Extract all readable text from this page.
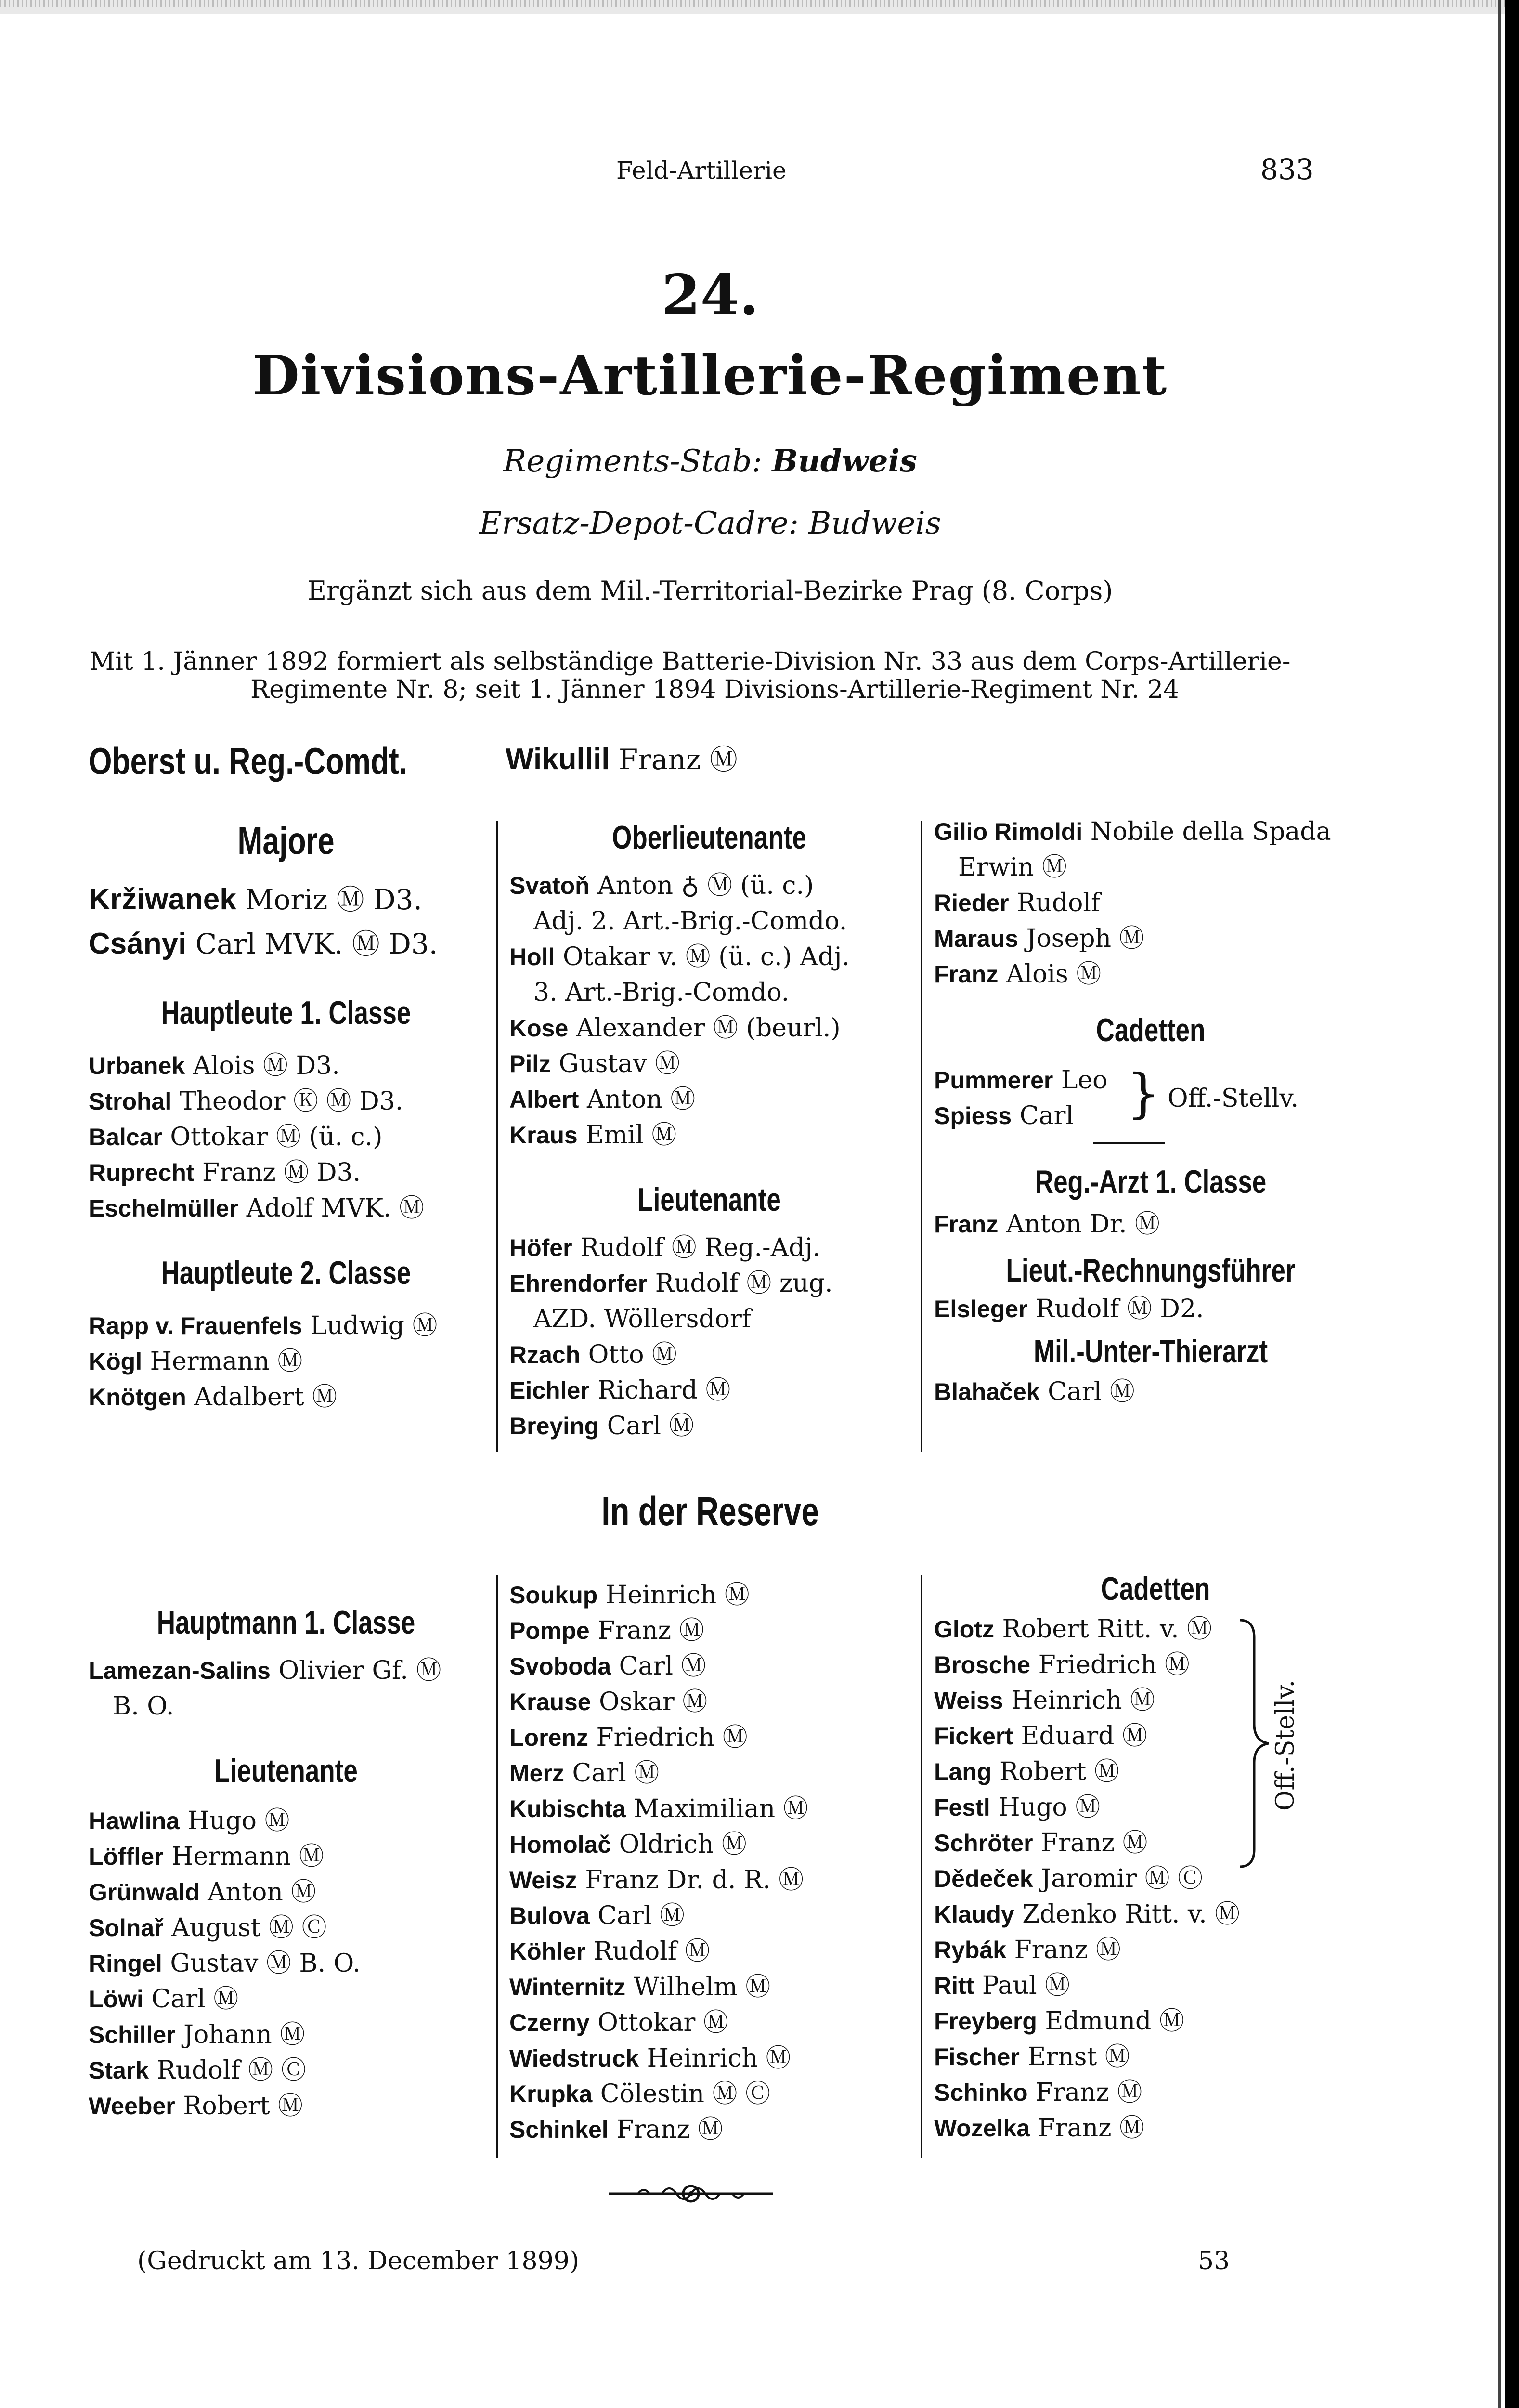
Feld-Artillerie	833
24.
Divisions-Artillerie-Regiment
Regiments-Stab: Budweis
Ersatz-Depot-Cadre: Budweis
Ergänzt sich aus dem Mil.-Territorial-Bezirke Prag (8. Corps)
Mit 1. Jänner 1892 formiert als selbständige Batterie-Division Nr. 33 aus dem Corps-Artillerie-
Regimente Nr. 8; seit 1. Jänner 1894 Divisions-Artillerie-Regiment Nr. 24
Oberst u. Reg.-Comdt.	Wikullil Franz Ⓜ
Majore
Kržiwanek Moriz Ⓜ D3.
Csányi Carl MVK. Ⓜ D3.
Hauptleute 1. Classe
Urbanek Alois Ⓜ D3.
Strohal Theodor Ⓚ Ⓜ D3.
Balcar Ottokar Ⓜ (ü. c.)
Ruprecht Franz Ⓜ D3.
Eschelmüller Adolf MVK. Ⓜ
Hauptleute 2. Classe
Rapp v. Frauenfels Ludwig Ⓜ
Kögl Hermann Ⓜ
Knötgen Adalbert Ⓜ
Oberlieutenante
Svatoň Anton ♁ Ⓜ (ü. c.)
Adj. 2. Art.-Brig.-Comdo.
Holl Otakar v. Ⓜ (ü. c.) Adj.
3. Art.-Brig.-Comdo.
Kose Alexander Ⓜ (beurl.)
Pilz Gustav Ⓜ
Albert Anton Ⓜ
Kraus Emil Ⓜ
Lieutenante
Höfer Rudolf Ⓜ Reg.-Adj.
Ehrendorfer Rudolf Ⓜ zug.
AZD. Wöllersdorf
Rzach Otto Ⓜ
Eichler Richard Ⓜ
Breying Carl Ⓜ
Gilio Rimoldi Nobile della Spada
Erwin Ⓜ
Rieder Rudolf
Maraus Joseph Ⓜ
Franz Alois Ⓜ
Cadetten
Pummerer Leo
Spiess Carl } Off.-Stellv.
Reg.-Arzt 1. Classe
Franz Anton Dr. Ⓜ
Lieut.-Rechnungsführer
Elsleger Rudolf Ⓜ D2.
Mil.-Unter-Thierarzt
Blahaček Carl Ⓜ
In der Reserve
Hauptmann 1. Classe
Lamezan-Salins Olivier Gf. Ⓜ
B. O.
Lieutenante
Hawlina Hugo Ⓜ
Löffler Hermann Ⓜ
Grünwald Anton Ⓜ
Solnař August Ⓜ Ⓒ
Ringel Gustav Ⓜ B. O.
Löwi Carl Ⓜ
Schiller Johann Ⓜ
Stark Rudolf Ⓜ Ⓒ
Weeber Robert Ⓜ
Soukup Heinrich Ⓜ
Pompe Franz Ⓜ
Svoboda Carl Ⓜ
Krause Oskar Ⓜ
Lorenz Friedrich Ⓜ
Merz Carl Ⓜ
Kubischta Maximilian Ⓜ
Homolač Oldrich Ⓜ
Weisz Franz Dr. d. R. Ⓜ
Bulova Carl Ⓜ
Köhler Rudolf Ⓜ
Winternitz Wilhelm Ⓜ
Czerny Ottokar Ⓜ
Wiedstruck Heinrich Ⓜ
Krupka Cölestin Ⓜ Ⓒ
Schinkel Franz Ⓜ
Cadetten
Glotz Robert Ritt. v. Ⓜ
Brosche Friedrich Ⓜ
Weiss Heinrich Ⓜ
Fickert Eduard Ⓜ
Lang Robert Ⓜ
Festl Hugo Ⓜ
Schröter Franz Ⓜ
Dědeček Jaromir Ⓜ Ⓒ
Klaudy Zdenko Ritt. v. Ⓜ
Rybák Franz Ⓜ
Ritt Paul Ⓜ
Freyberg Edmund Ⓜ
Fischer Ernst Ⓜ
Schinko Franz Ⓜ
Wozelka Franz Ⓜ
Off.-Stellv.
(Gedruckt am 13. December 1899)	53
